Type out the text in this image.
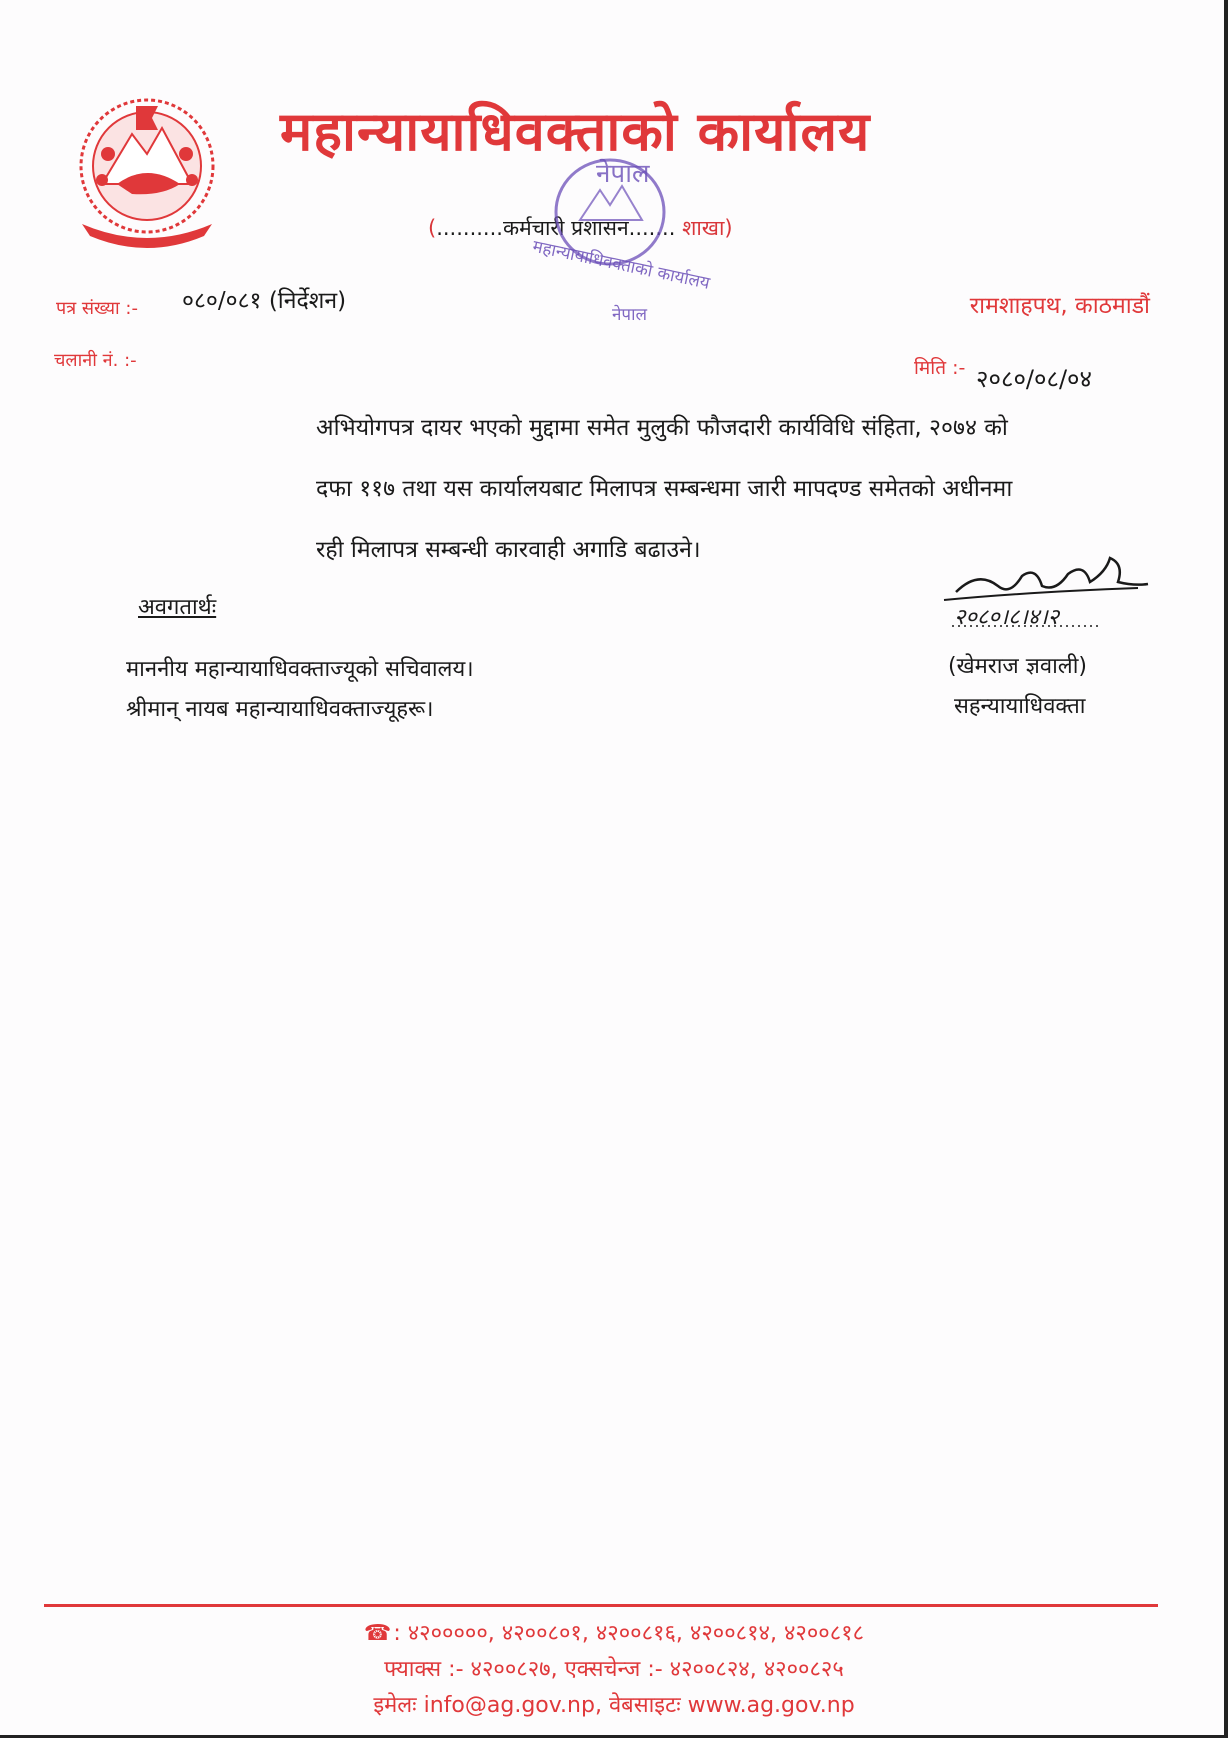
महान्यायाधिवक्ताको कार्यालय
(..........कर्मचारी प्रशासन....... शाखा)
नेपाल
महान्यायाधिवक्ताको कार्यालय
नेपाल
पत्र संख्या :- ०८०/०८१ (निर्देशन)
चलानी नं. :-
रामशाहपथ, काठमाडौं
मिति :- २०८०/०८/०४
अभियोगपत्र दायर भएको मुद्दामा समेत मुलुकी फौजदारी कार्यविधि संहिता, २०७४ को
दफा ११७ तथा यस कार्यालयबाट मिलापत्र सम्बन्धमा जारी मापदण्ड समेतको अधीनमा
रही मिलापत्र सम्बन्धी कारवाही अगाडि बढाउने।
अवगतार्थः
माननीय महान्यायाधिवक्ताज्यूको सचिवालय।
श्रीमान् नायब महान्यायाधिवक्ताज्यूहरू।
२०८०।८।४।२
(खेमराज ज्ञवाली)
सहन्यायाधिवक्ता
☎: ४२०००००, ४२००८०१, ४२००८१६, ४२००८१४, ४२००८१८
फ्याक्स :- ४२००८२७, एक्सचेन्ज :- ४२००८२४, ४२००८२५
इमेलः info@ag.gov.np, वेबसाइटः www.ag.gov.np
